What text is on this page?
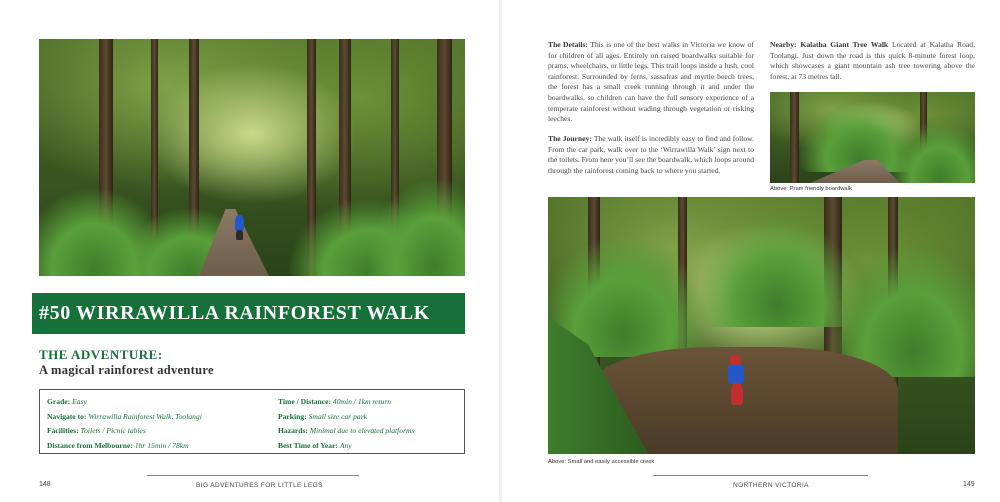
#50 WIRRAWILLA RAINFOREST WALK
THE ADVENTURE:
A magical rainforest adventure
Grade: Easy
Navigate to: Wirrawilla Rainforest Walk, Toolangi
Facilities: Toilets / Picnic tables
Distance from Melbourne: 1hr 15min / 78km
Time / Distance: 40min / 1km return
Parking: Small size car park
Hazards: Minimal due to elevated platforms
Best Time of Year: Any
148	BIG ADVENTURES FOR LITTLE LEGS
The Details: This is one of the best walks in Victoria we know of for children of all ages. Entirely on raised boardwalks suitable for prams, wheelchairs, or little legs. This trail loops inside a lush, cool rainforest. Surrounded by ferns, sassafras and myrtle beech trees, the forest has a small creek running through it and under the boardwalks, so children can have the full sensory experience of a temperate rainforest without wading through vegetation or risking leeches.
The Journey: The walk itself is incredibly easy to find and follow. From the car park, walk over to the ‘Wirrawilla Walk’ sign next to the toilets. From here you’ll see the boardwalk, which loops around through the rainforest coming back to where you started.
Nearby: Kalatha Giant Tree Walk Located at Kalatha Road, Toolangi. Just down the road is this quick 8-minute forest loop, which showcases a giant mountain ash tree towering above the forest, at 73 metres tall.
Above: Pram friendly boardwalk
Above: Small and easily accessible creek
NORTHERN VICTORIA	149
